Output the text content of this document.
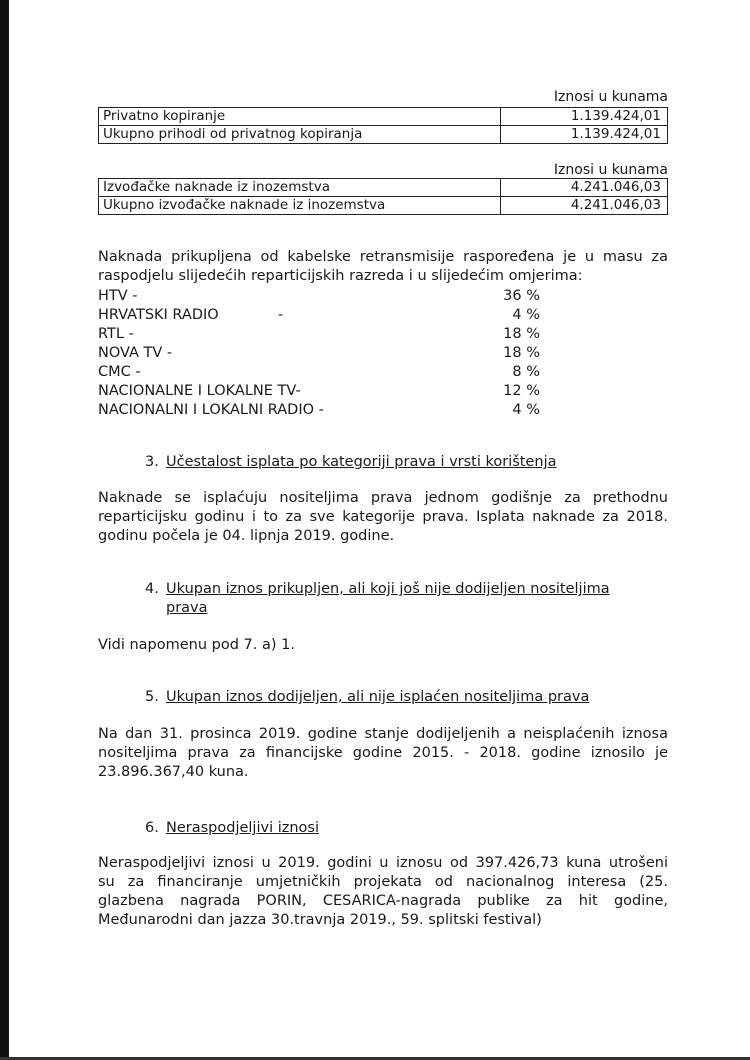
Iznosi u kunama
Privatno kopiranje	1.139.424,01
Ukupno prihodi od privatnog kopiranja	1.139.424,01
Iznosi u kunama
Izvođačke naknade iz inozemstva	4.241.046,03
Ukupno izvođačke naknade iz inozemstva	4.241.046,03
Naknada prikupljena od kabelske retransmisije raspoređena je u masu za
raspodjelu slijedećih reparticijskih razreda i u slijedećim omjerima:
HTV -	36 %
HRVATSKI RADIO	-	4 %
RTL -	18 %
NOVA TV -	18 %
CMC -	8 %
NACIONALNE I LOKALNE TV-	12 %
NACIONALNI I LOKALNI RADIO -	4 %
3. Učestalost isplata po kategoriji prava i vrsti korištenja
Naknade se isplaćuju nositeljima prava jednom godišnje za prethodnu
reparticijsku godinu i to za sve kategorije prava. Isplata naknade za 2018.
godinu počela je 04. lipnja 2019. godine.
4. Ukupan iznos prikupljen, ali koji još nije dodijeljen nositeljima
prava
Vidi napomenu pod 7. a) 1.
5. Ukupan iznos dodijeljen, ali nije isplaćen nositeljima prava
Na dan 31. prosinca 2019. godine stanje dodijeljenih a neisplaćenih iznosa
nositeljima prava za financijske godine 2015. - 2018. godine iznosilo je
23.896.367,40 kuna.
6. Neraspodjeljivi iznosi
Neraspodjeljivi iznosi u 2019. godini u iznosu od 397.426,73 kuna utrošeni
su za financiranje umjetničkih projekata od nacionalnog interesa (25.
glazbena nagrada PORIN, CESARICA-nagrada publike za hit godine,
Međunarodni dan jazza 30.travnja 2019., 59. splitski festival)
